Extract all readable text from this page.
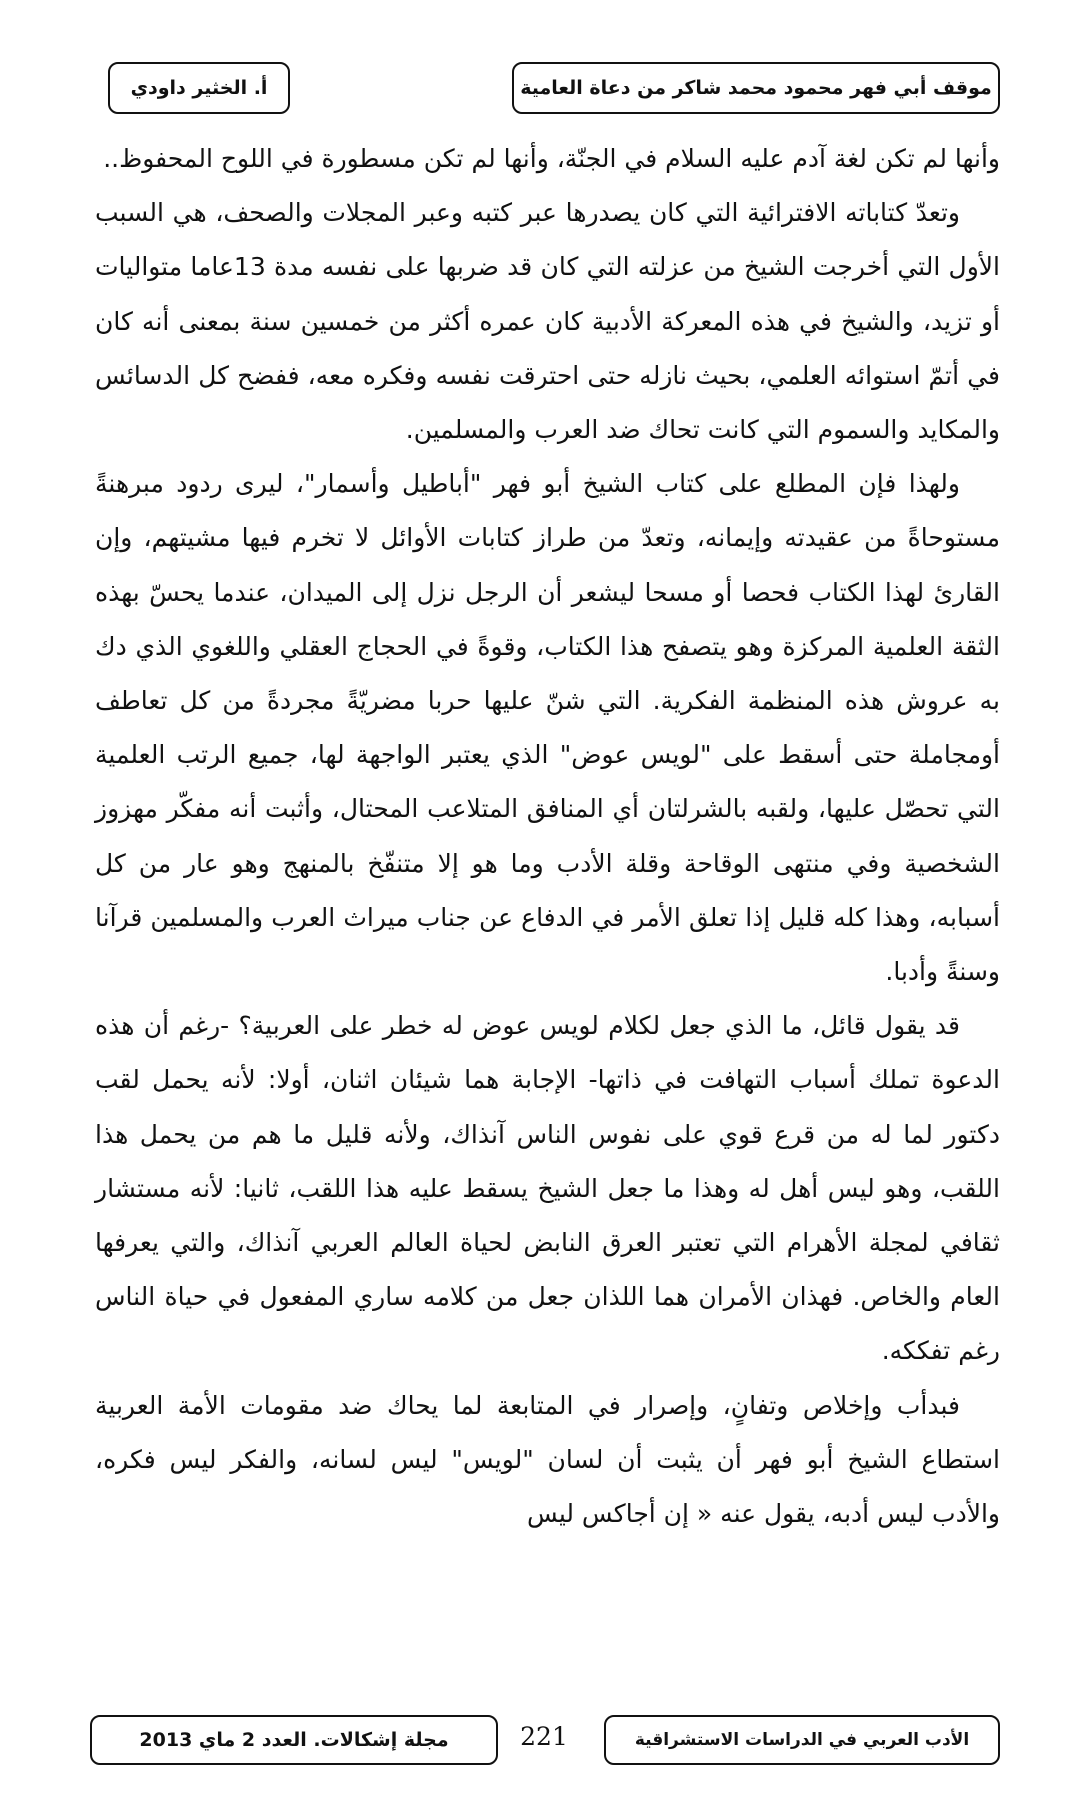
موقف أبي فهر محمود محمد شاكر من دعاة العامية
أ. الخثير داودي

وأنها لم تكن لغة آدم عليه السلام في الجنّة، وأنها لم تكن مسطورة في اللوح المحفوظ..

وتعدّ كتاباته الافترائية التي كان يصدرها عبر كتبه وعبر المجلات والصحف، هي السبب الأول التي أخرجت الشيخ من عزلته التي كان قد ضربها على نفسه مدة 13عاما متواليات أو تزيد، والشيخ في هذه المعركة الأدبية كان عمره أكثر من خمسين سنة بمعنى أنه كان في أتمّ استوائه العلمي، بحيث نازله حتى احترقت نفسه وفكره معه، ففضح كل الدسائس والمكايد والسموم التي كانت تحاك ضد العرب والمسلمين.

ولهذا فإن المطلع على كتاب الشيخ أبو فهر "أباطيل وأسمار"، ليرى ردود مبرهنةً مستوحاةً من عقيدته وإيمانه، وتعدّ من طراز كتابات الأوائل لا تخرم فيها مشيتهم، وإن القارئ لهذا الكتاب فحصا أو مسحا ليشعر أن الرجل نزل إلى الميدان، عندما يحسّ بهذه الثقة العلمية المركزة وهو يتصفح هذا الكتاب، وقوةً في الحجاج العقلي واللغوي الذي دك به عروش هذه المنظمة الفكرية. التي شنّ عليها حربا مضريّةً مجردةً من كل تعاطف أومجاملة حتى أسقط على "لويس عوض" الذي يعتبر الواجهة لها، جميع الرتب العلمية التي تحصّل عليها، ولقبه بالشرلتان أي المنافق المتلاعب المحتال، وأثبت أنه مفكّر مهزوز الشخصية وفي منتهى الوقاحة وقلة الأدب وما هو إلا متنفّخ بالمنهج وهو عار من كل أسبابه، وهذا كله قليل إذا تعلق الأمر في الدفاع عن جناب ميراث العرب والمسلمين قرآنا وسنةً وأدبا.

قد يقول قائل، ما الذي جعل لكلام لويس عوض له خطر على العربية؟ -رغم أن هذه الدعوة تملك أسباب التهافت في ذاتها- الإجابة هما شيئان اثنان، أولا: لأنه يحمل لقب دكتور لما له من قرع قوي على نفوس الناس آنذاك، ولأنه قليل ما هم من يحمل هذا اللقب، وهو ليس أهل له وهذا ما جعل الشيخ يسقط عليه هذا اللقب، ثانيا: لأنه مستشار ثقافي لمجلة الأهرام التي تعتبر العرق النابض لحياة العالم العربي آنذاك، والتي يعرفها العام والخاص. فهذان الأمران هما اللذان جعل من كلامه ساري المفعول في حياة الناس رغم تفككه.

فبدأب وإخلاص وتفانٍ، وإصرار في المتابعة لما يحاك ضد مقومات الأمة العربية استطاع الشيخ أبو فهر أن يثبت أن لسان "لويس" ليس لسانه، والفكر ليس فكره، والأدب ليس أدبه، يقول عنه « إن أجاكس ليس

الأدب العربي في الدراسات الاستشراقية
221
مجلة إشكالات. العدد 2 ماي 2013
